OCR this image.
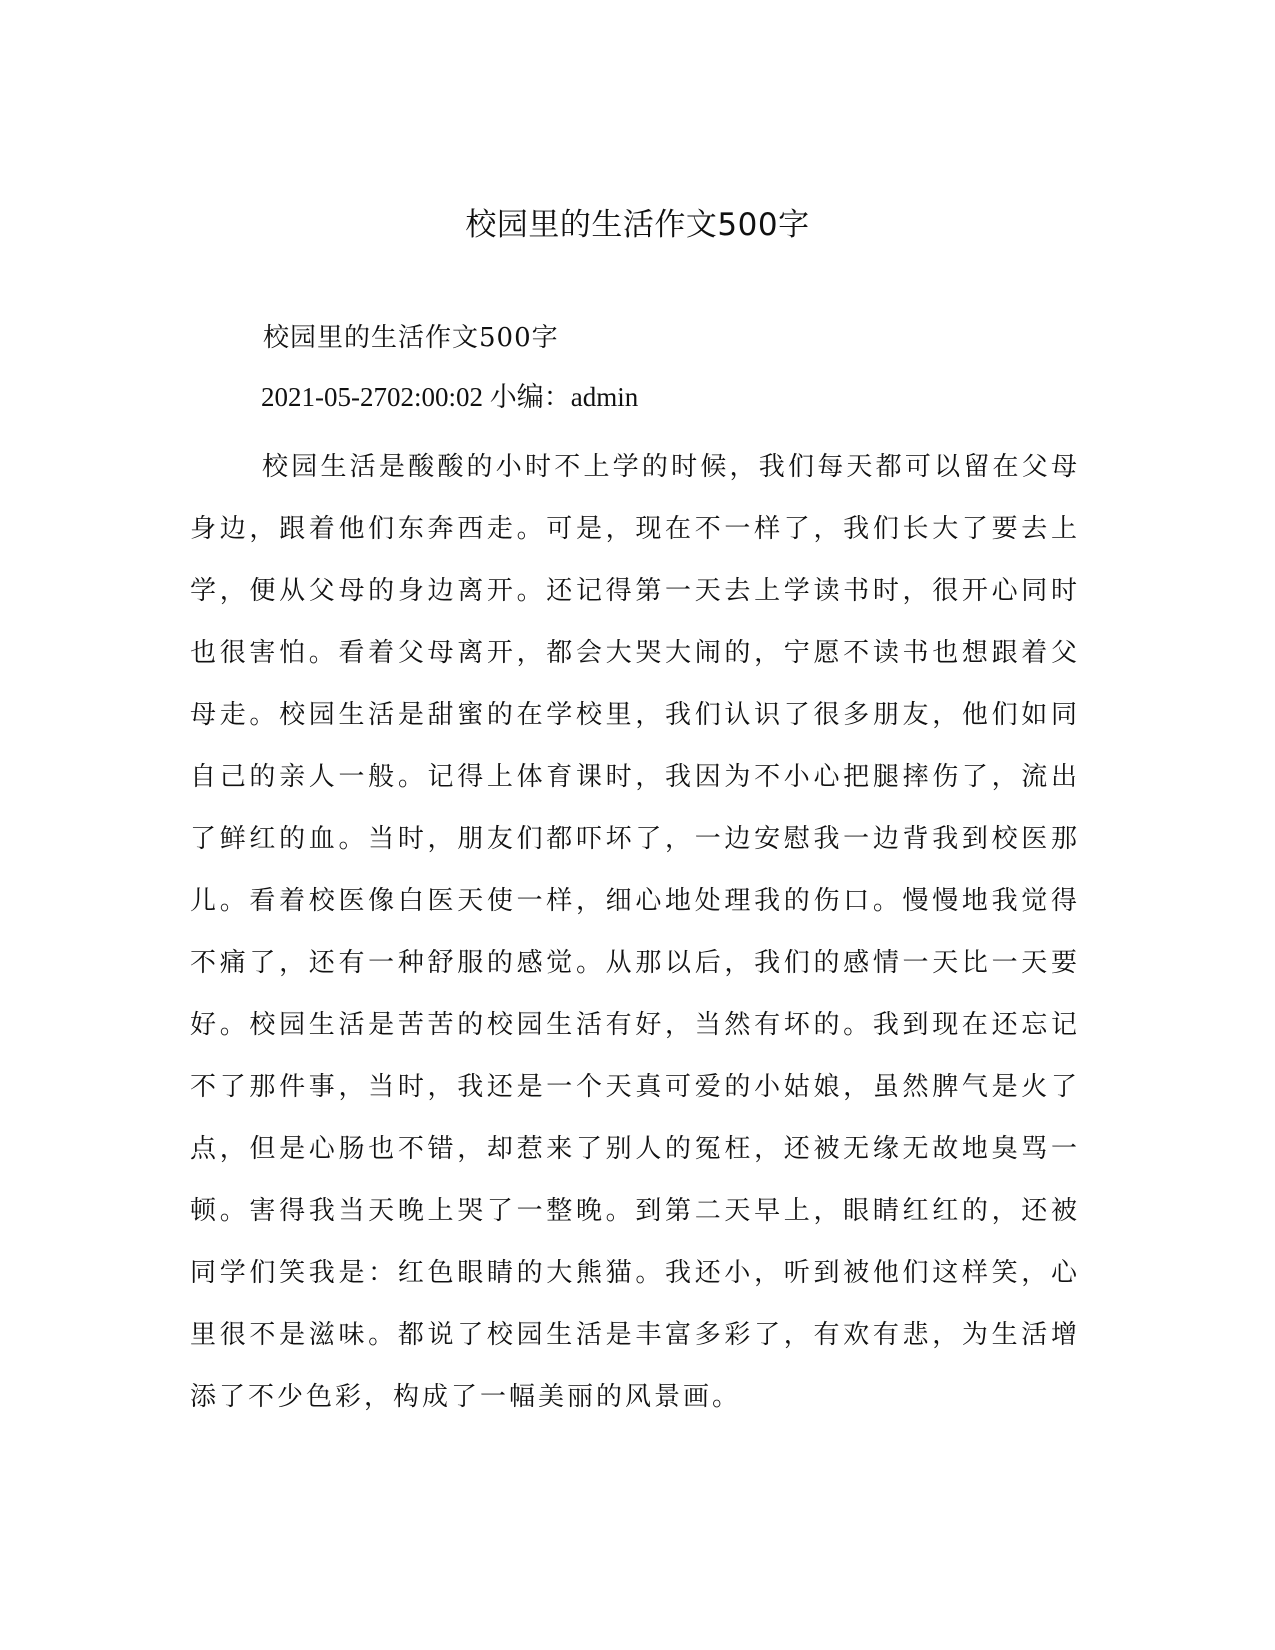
校园里的生活作文500字
校园里的生活作文500字
2021-05-2702:00:02 小编：admin

校园生活是酸酸的小时不上学的时候，我们每天都可以留在父母身边，跟着他们东奔西走。可是，现在不一样了，我们长大了要去上学，便从父母的身边离开。还记得第一天去上学读书时，很开心同时也很害怕。看着父母离开，都会大哭大闹的，宁愿不读书也想跟着父母走。校园生活是甜蜜的在学校里，我们认识了很多朋友，他们如同自己的亲人一般。记得上体育课时，我因为不小心把腿摔伤了，流出了鲜红的血。当时，朋友们都吓坏了，一边安慰我一边背我到校医那儿。看着校医像白医天使一样，细心地处理我的伤口。慢慢地我觉得不痛了，还有一种舒服的感觉。从那以后，我们的感情一天比一天要好。校园生活是苦苦的校园生活有好，当然有坏的。我到现在还忘记不了那件事，当时，我还是一个天真可爱的小姑娘，虽然脾气是火了点，但是心肠也不错，却惹来了别人的冤枉，还被无缘无故地臭骂一顿。害得我当天晚上哭了一整晚。到第二天早上，眼睛红红的，还被同学们笑我是：红色眼睛的大熊猫。我还小，听到被他们这样笑，心里很不是滋味。都说了校园生活是丰富多彩了，有欢有悲，为生活增添了不少色彩，构成了一幅美丽的风景画。
